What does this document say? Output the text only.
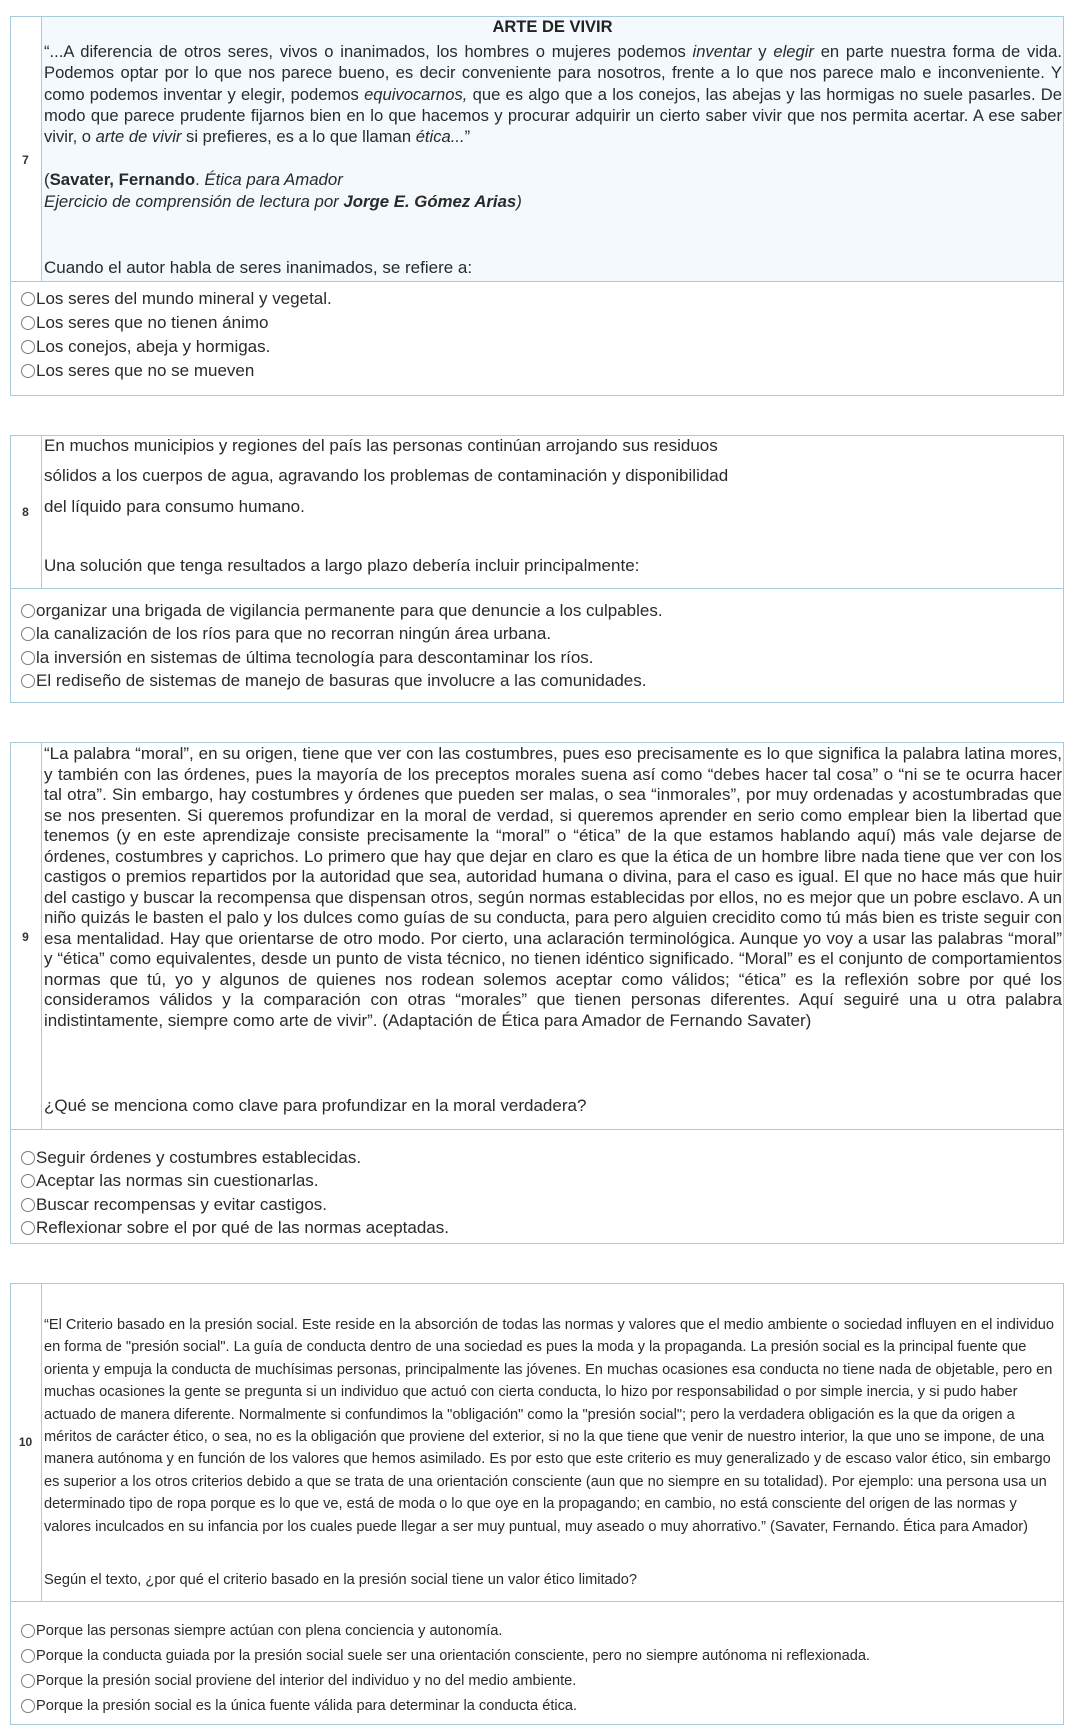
7
ARTE DE VIVIR
“...A diferencia de otros seres, vivos o inanimados, los hombres o mujeres podemos inventar y elegir en parte nuestra forma de vida. Podemos optar por lo que nos parece bueno, es decir conveniente para nosotros, frente a lo que nos parece malo e inconveniente. Y como podemos inventar y elegir, podemos equivocarnos, que es algo que a los conejos, las abejas y las hormigas no suele pasarles. De modo que parece prudente fijarnos bien en lo que hacemos y procurar adquirir un cierto saber vivir que nos permita acertar. A ese saber vivir, o arte de vivir si prefieres, es a lo que llaman ética...”
(Savater, Fernando. Ética para Amador
Ejercicio de comprensión de lectura por Jorge E. Gómez Arias)
Cuando el autor habla de seres inanimados, se refiere a:
Los seres del mundo mineral y vegetal.
Los seres que no tienen ánimo
Los conejos, abeja y hormigas.
Los seres que no se mueven
8
En muchos municipios y regiones del país las personas continúan arrojando sus residuos
sólidos a los cuerpos de agua, agravando los problemas de contaminación y disponibilidad
del líquido para consumo humano.
Una solución que tenga resultados a largo plazo debería incluir principalmente:
organizar una brigada de vigilancia permanente para que denuncie a los culpables.
la canalización de los ríos para que no recorran ningún área urbana.
la inversión en sistemas de última tecnología para descontaminar los ríos.
El rediseño de sistemas de manejo de basuras que involucre a las comunidades.
9
“La palabra “moral”, en su origen, tiene que ver con las costumbres, pues eso precisamente es lo que significa la palabra latina mores, y también con las órdenes, pues la mayoría de los preceptos morales suena así como “debes hacer tal cosa” o “ni se te ocurra hacer tal otra”. Sin embargo, hay costumbres y órdenes que pueden ser malas, o sea “inmorales”, por muy ordenadas y acostumbradas que se nos presenten. Si queremos profundizar en la moral de verdad, si queremos aprender en serio como emplear bien la libertad que tenemos (y en este aprendizaje consiste precisamente la “moral” o “ética” de la que estamos hablando aquí) más vale dejarse de órdenes, costumbres y caprichos. Lo primero que hay que dejar en claro es que la ética de un hombre libre nada tiene que ver con los castigos o premios repartidos por la autoridad que sea, autoridad humana o divina, para el caso es igual. El que no hace más que huir del castigo y buscar la recompensa que dispensan otros, según normas establecidas por ellos, no es mejor que un pobre esclavo. A un niño quizás le basten el palo y los dulces como guías de su conducta, para pero alguien crecidito como tú más bien es triste seguir con esa mentalidad. Hay que orientarse de otro modo. Por cierto, una aclaración terminológica. Aunque yo voy a usar las palabras “moral” y “ética” como equivalentes, desde un punto de vista técnico, no tienen idéntico significado. “Moral” es el conjunto de comportamientos normas que tú, yo y algunos de quienes nos rodean solemos aceptar como válidos; “ética” es la reflexión sobre por qué los consideramos válidos y la comparación con otras “morales” que tienen personas diferentes. Aquí seguiré una u otra palabra indistintamente, siempre como arte de vivir”. (Adaptación de Ética para Amador de Fernando Savater)
¿Qué se menciona como clave para profundizar en la moral verdadera?
Seguir órdenes y costumbres establecidas.
Aceptar las normas sin cuestionarlas.
Buscar recompensas y evitar castigos.
Reflexionar sobre el por qué de las normas aceptadas.
10
“El Criterio basado en la presión social. Este reside en la absorción de todas las normas y valores que el medio ambiente o sociedad influyen en el individuo en forma de "presión social". La guía de conducta dentro de una sociedad es pues la moda y la propaganda. La presión social es la principal fuente que orienta y empuja la conducta de muchísimas personas, principalmente las jóvenes. En muchas ocasiones esa conducta no tiene nada de objetable, pero en muchas ocasiones la gente se pregunta si un individuo que actuó con cierta conducta, lo hizo por responsabilidad o por simple inercia, y si pudo haber actuado de manera diferente. Normalmente si confundimos la "obligación" como la "presión social"; pero la verdadera obligación es la que da origen a méritos de carácter ético, o sea, no es la obligación que proviene del exterior, si no la que tiene que venir de nuestro interior, la que uno se impone, de una manera autónoma y en función de los valores que hemos asimilado. Es por esto que este criterio es muy generalizado y de escaso valor ético, sin embargo es superior a los otros criterios debido a que se trata de una orientación consciente (aun que no siempre en su totalidad). Por ejemplo: una persona usa un determinado tipo de ropa porque es lo que ve, está de moda o lo que oye en la propagando; en cambio, no está consciente del origen de las normas y valores inculcados en su infancia por los cuales puede llegar a ser muy puntual, muy aseado o muy ahorrativo.” (Savater, Fernando. Ética para Amador)
Según el texto, ¿por qué el criterio basado en la presión social tiene un valor ético limitado?
Porque las personas siempre actúan con plena conciencia y autonomía.
Porque la conducta guiada por la presión social suele ser una orientación consciente, pero no siempre autónoma ni reflexionada.
Porque la presión social proviene del interior del individuo y no del medio ambiente.
Porque la presión social es la única fuente válida para determinar la conducta ética.
